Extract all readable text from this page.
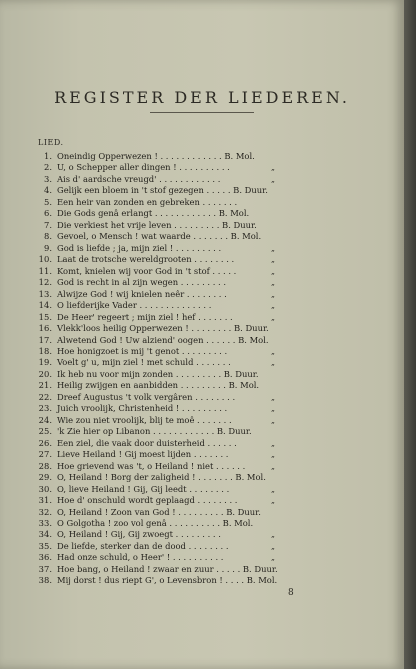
REGISTER DER LIEDEREN.
LIED.
1. Oneindig Opperwezen ! . . . . . . . . . . . . B. Mol.
2. U, o Schepper aller dingen ! . . . . . . . . . .	„
3. Ais d' aardsche vreugd' . . . . . . . . . . . .	„
4. Gelijk een bloem in 't stof gezegen . . . . . B. Duur.
5. Een heir van zonden en gebreken . . . . . . .
6. Die Gods genâ erlangt . . . . . . . . . . . . B. Mol.
7. Die verkiest het vrije leven . . . . . . . . . B. Duur.
8. Gevoel, o Mensch ! wat waarde . . . . . . . B. Mol.
9. God is liefde ; ja, mijn ziel ! . . . . . . . . .	„
10. Laat de trotsche wereldgrooten . . . . . . . .	„
11. Komt, knielen wij voor God in 't stof . . . . .	„
12. God is recht in al zijn wegen . . . . . . . . .	„
13. Alwijze God ! wij knielen neêr . . . . . . . .	„
14. O liefderijke Vader . . . . . . . . . . . . . .	„
15. De Heer' regeert ; mijn ziel ! hef . . . . . . .	„
16. Vlekk'loos heilig Opperwezen ! . . . . . . . . B. Duur.
17. Alwetend God ! Uw alziend' oogen . . . . . . B. Mol.
18. Hoe honigzoet is mij 't genot . . . . . . . . .	„
19. Voelt g' u, mijn ziel ! met schuld . . . . . . .	„
20. Ik heb nu voor mijn zonden . . . . . . . . . B. Duur.
21. Heilig zwijgen en aanbidden . . . . . . . . . B. Mol.
22. Dreef Augustus 't volk vergâren . . . . . . . .	„
23. Juich vroolijk, Christenheid ! . . . . . . . . .	„
24. Wie zou niet vroolijk, blij te moê . . . . . . .	„
25. 'k Zie hier op Libanon . . . . . . . . . . . . B. Duur.
26. Een ziel, die vaak door duisterheid . . . . . .	„
27. Lieve Heiland ! Gij moest lijden . . . . . . .	„
28. Hoe grievend was 't, o Heiland ! niet . . . . . .	„
29. O, Heiland ! Borg der zaligheid ! . . . . . . . B. Mol.
30. O, lieve Heiland ! Gij, Gij leedt . . . . . . . .	„
31. Hoe d' onschuld wordt geplaagd . . . . . . . .	„
32. O, Heiland ! Zoon van God ! . . . . . . . . . B. Duur.
33. O Golgotha ! zoo vol genâ . . . . . . . . . . B. Mol.
34. O, Heiland ! Gij, Gij zwoegt . . . . . . . . .	„
35. De liefde, sterker dan de dood . . . . . . . .	„
36. Had onze schuld, o Heer' ! . . . . . . . . . .	„
37. Hoe bang, o Heiland ! zwaar en zuur . . . . . B. Duur.
38. Mij dorst ! dus riept G', o Levensbron ! . . . . B. Mol.
8
